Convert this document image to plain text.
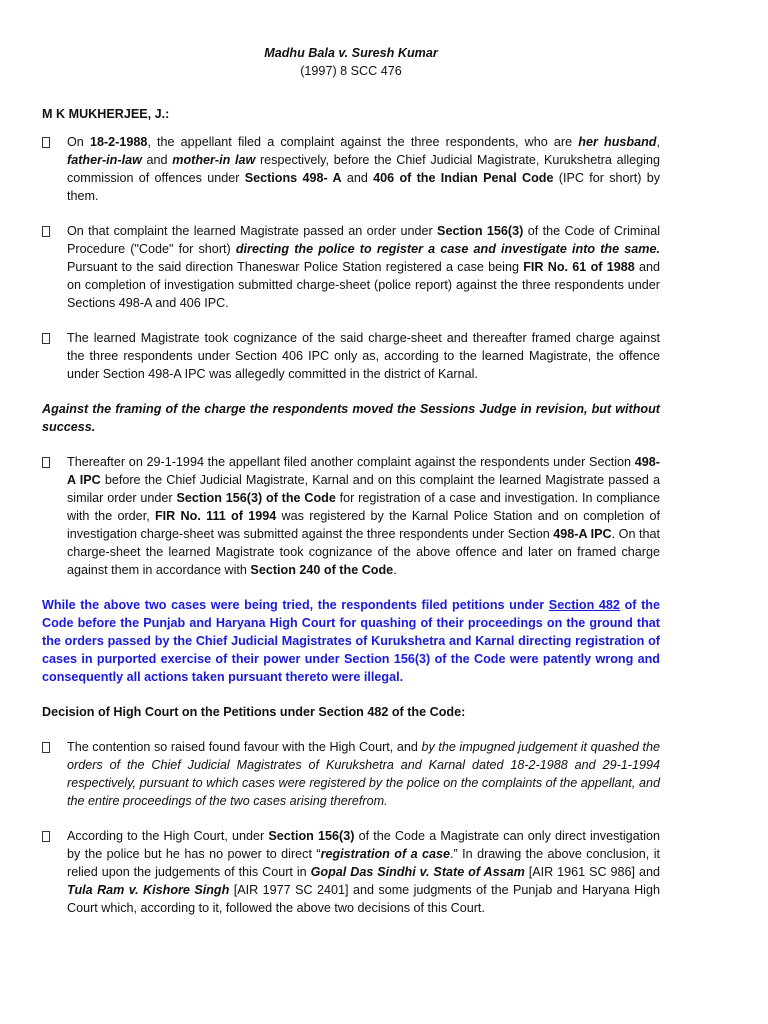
Madhu Bala v. Suresh Kumar
(1997) 8 SCC 476
M K MUKHERJEE, J.:
On 18-2-1988, the appellant filed a complaint against the three respondents, who are her husband, father-in-law and mother-in law respectively, before the Chief Judicial Magistrate, Kurukshetra alleging commission of offences under Sections 498- A and 406 of the Indian Penal Code (IPC for short) by them.
On that complaint the learned Magistrate passed an order under Section 156(3) of the Code of Criminal Procedure ("Code" for short) directing the police to register a case and investigate into the same. Pursuant to the said direction Thaneswar Police Station registered a case being FIR No. 61 of 1988 and on completion of investigation submitted charge-sheet (police report) against the three respondents under Sections 498-A and 406 IPC.
The learned Magistrate took cognizance of the said charge-sheet and thereafter framed charge against the three respondents under Section 406 IPC only as, according to the learned Magistrate, the offence under Section 498-A IPC was allegedly committed in the district of Karnal.
Against the framing of the charge the respondents moved the Sessions Judge in revision, but without success.
Thereafter on 29-1-1994 the appellant filed another complaint against the respondents under Section 498-A IPC before the Chief Judicial Magistrate, Karnal and on this complaint the learned Magistrate passed a similar order under Section 156(3) of the Code for registration of a case and investigation. In compliance with the order, FIR No. 111 of 1994 was registered by the Karnal Police Station and on completion of investigation charge-sheet was submitted against the three respondents under Section 498-A IPC. On that charge-sheet the learned Magistrate took cognizance of the above offence and later on framed charge against them in accordance with Section 240 of the Code.
While the above two cases were being tried, the respondents filed petitions under Section 482 of the Code before the Punjab and Haryana High Court for quashing of their proceedings on the ground that the orders passed by the Chief Judicial Magistrates of Kurukshetra and Karnal directing registration of cases in purported exercise of their power under Section 156(3) of the Code were patently wrong and consequently all actions taken pursuant thereto were illegal.
Decision of High Court on the Petitions under Section 482 of the Code:
The contention so raised found favour with the High Court, and by the impugned judgement it quashed the orders of the Chief Judicial Magistrates of Kurukshetra and Karnal dated 18-2-1988 and 29-1-1994 respectively, pursuant to which cases were registered by the police on the complaints of the appellant, and the entire proceedings of the two cases arising therefrom.
According to the High Court, under Section 156(3) of the Code a Magistrate can only direct investigation by the police but he has no power to direct “registration of a case.” In drawing the above conclusion, it relied upon the judgements of this Court in Gopal Das Sindhi v. State of Assam [AIR 1961 SC 986] and Tula Ram v. Kishore Singh [AIR 1977 SC 2401] and some judgments of the Punjab and Haryana High Court which, according to it, followed the above two decisions of this Court.
